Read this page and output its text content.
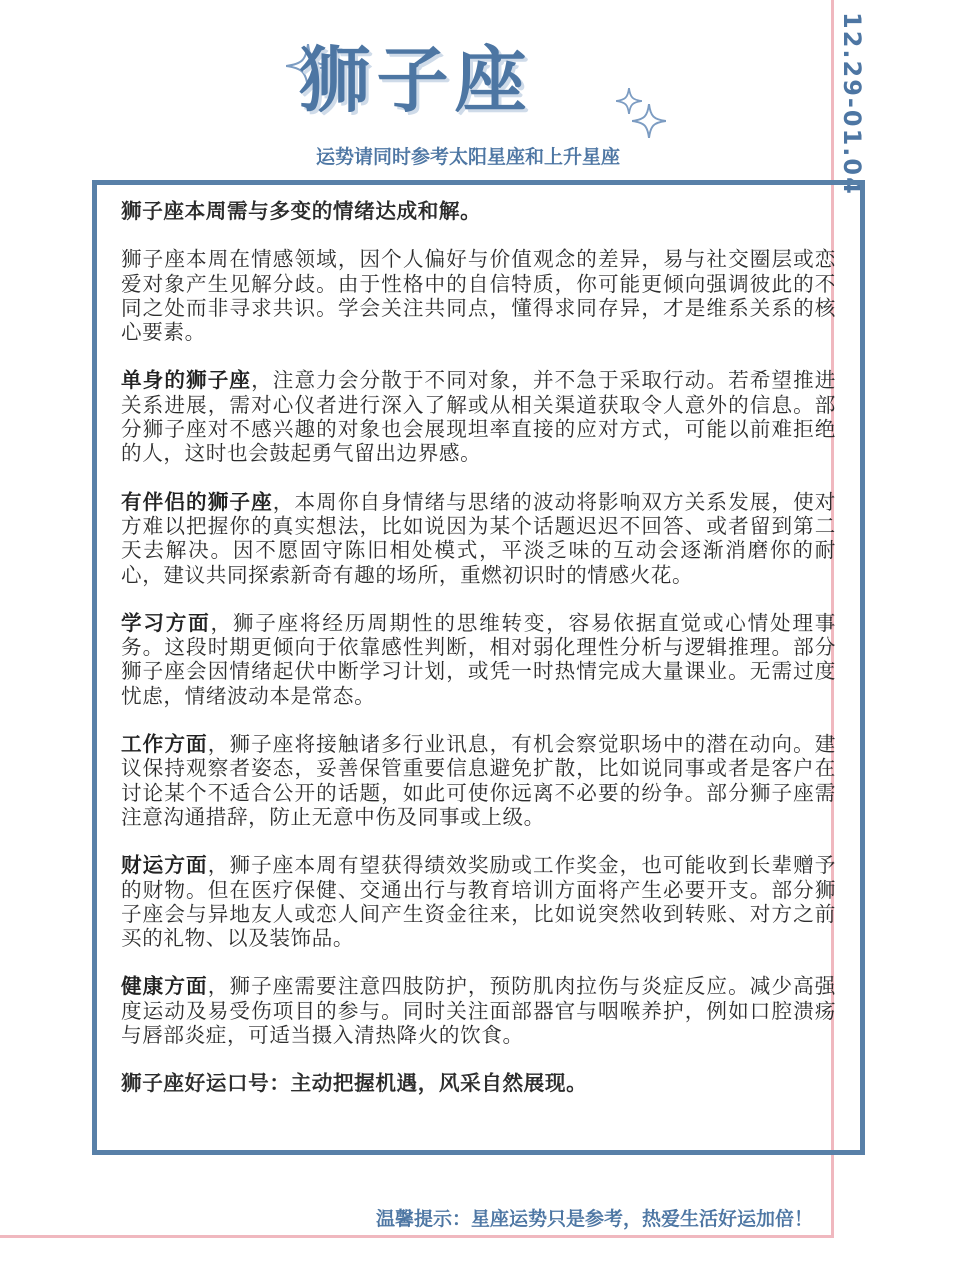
12.29-01.04
狮子座
运势请同时参考太阳星座和上升星座

狮子座本周需与多变的情绪达成和解。

狮子座本周在情感领域，因个人偏好与价值观念的差异，易与社交圈层或恋爱对象产生见解分歧。由于性格中的自信特质，你可能更倾向强调彼此的不同之处而非寻求共识。学会关注共同点，懂得求同存异，才是维系关系的核心要素。

单身的狮子座，注意力会分散于不同对象，并不急于采取行动。若希望推进关系进展，需对心仪者进行深入了解或从相关渠道获取令人意外的信息。部分狮子座对不感兴趣的对象也会展现坦率直接的应对方式，可能以前难拒绝的人，这时也会鼓起勇气留出边界感。

有伴侣的狮子座，本周你自身情绪与思绪的波动将影响双方关系发展，使对方难以把握你的真实想法，比如说因为某个话题迟迟不回答、或者留到第二天去解决。因不愿固守陈旧相处模式，平淡乏味的互动会逐渐消磨你的耐心，建议共同探索新奇有趣的场所，重燃初识时的情感火花。

学习方面，狮子座将经历周期性的思维转变，容易依据直觉或心情处理事务。这段时期更倾向于依靠感性判断，相对弱化理性分析与逻辑推理。部分狮子座会因情绪起伏中断学习计划，或凭一时热情完成大量课业。无需过度忧虑，情绪波动本是常态。

工作方面，狮子座将接触诸多行业讯息，有机会察觉职场中的潜在动向。建议保持观察者姿态，妥善保管重要信息避免扩散，比如说同事或者是客户在讨论某个不适合公开的话题，如此可使你远离不必要的纷争。部分狮子座需注意沟通措辞，防止无意中伤及同事或上级。

财运方面，狮子座本周有望获得绩效奖励或工作奖金，也可能收到长辈赠予的财物。但在医疗保健、交通出行与教育培训方面将产生必要开支。部分狮子座会与异地友人或恋人间产生资金往来，比如说突然收到转账、对方之前买的礼物、以及装饰品。

健康方面，狮子座需要注意四肢防护，预防肌肉拉伤与炎症反应。减少高强度运动及易受伤项目的参与。同时关注面部器官与咽喉养护，例如口腔溃疡与唇部炎症，可适当摄入清热降火的饮食。

狮子座好运口号：主动把握机遇，风采自然展现。

温馨提示：星座运势只是参考，热爱生活好运加倍！
